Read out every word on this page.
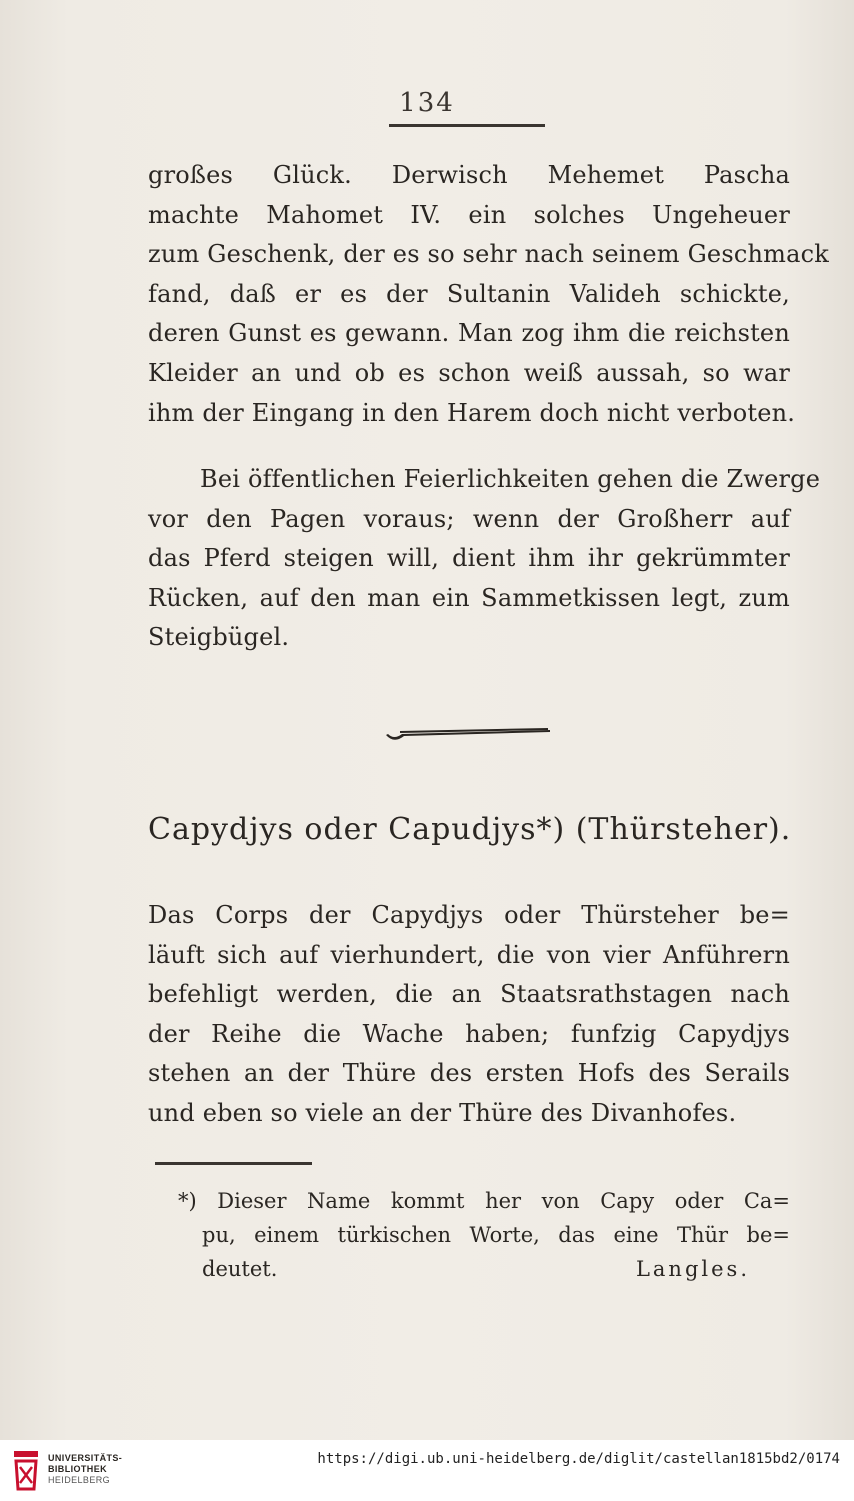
134

großes Glück. Derwisch Mehemet Pascha
machte Mahomet IV. ein solches Ungeheuer
zum Geschenk, der es so sehr nach seinem Geschmack
fand, daß er es der Sultanin Valideh schickte,
deren Gunst es gewann. Man zog ihm die reichsten
Kleider an und ob es schon weiß aussah, so war
ihm der Eingang in den Harem doch nicht verboten.

Bei öffentlichen Feierlichkeiten gehen die Zwerge
vor den Pagen voraus; wenn der Großherr auf
das Pferd steigen will, dient ihm ihr gekrümmter
Rücken, auf den man ein Sammetkissen legt, zum
Steigbügel.

Capydjys oder Capudjys*) (Thürsteher).

Das Corps der Capydjys oder Thürsteher be=
läuft sich auf vierhundert, die von vier Anführern
befehligt werden, die an Staatsrathstagen nach
der Reihe die Wache haben; funfzig Capydjys
stehen an der Thüre des ersten Hofs des Serails
und eben so viele an der Thüre des Divanhofes.

*) Dieser Name kommt her von Capy oder Ca=
pu, einem türkischen Worte, das eine Thür be=
deutet.	Langles.

UNIVERSITÄTS-
BIBLIOTHEK
HEIDELBERG
https://digi.ub.uni-heidelberg.de/diglit/castellan1815bd2/0174
